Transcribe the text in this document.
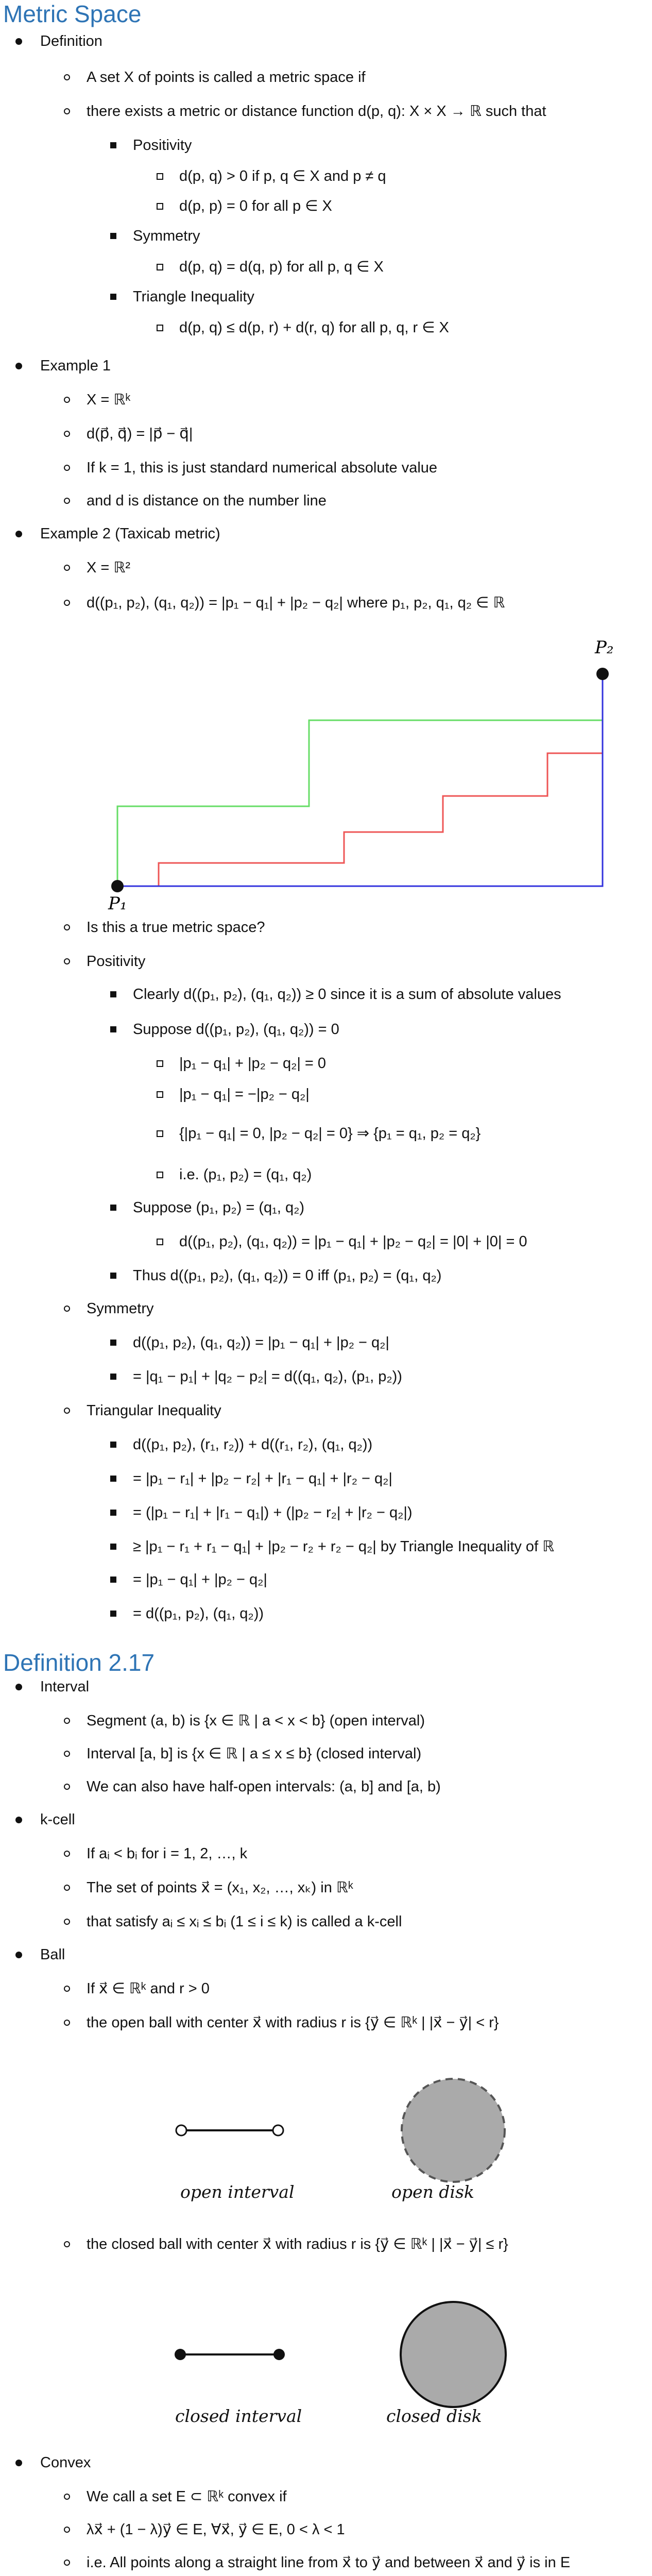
Metric Space
Definition
A set X of points is called a metric space if
there exists a metric or distance function d(p, q): X × X → ℝ such that
Positivity
d(p, q) > 0 if p, q ∈ X and p ≠ q
d(p, p) = 0 for all p ∈ X
Symmetry
d(p, q) = d(q, p) for all p, q ∈ X
Triangle Inequality
d(p, q) ≤ d(p, r) + d(r, q) for all p, q, r ∈ X
Example 1
X = ℝᵏ
d(p⃗, q⃗) = |p⃗ − q⃗|
If k = 1, this is just standard numerical absolute value
and d is distance on the number line
Example 2 (Taxicab metric)
X = ℝ²
d((p₁, p₂), (q₁, q₂)) = |p₁ − q₁| + |p₂ − q₂| where p₁, p₂, q₁, q₂ ∈ ℝ
Is this a true metric space?
Positivity
Clearly d((p₁, p₂), (q₁, q₂)) ≥ 0 since it is a sum of absolute values
Suppose d((p₁, p₂), (q₁, q₂)) = 0
|p₁ − q₁| + |p₂ − q₂| = 0
|p₁ − q₁| = −|p₂ − q₂|
{|p₁ − q₁| = 0, |p₂ − q₂| = 0} ⇒ {p₁ = q₁, p₂ = q₂}
i.e. (p₁, p₂) = (q₁, q₂)
Suppose (p₁, p₂) = (q₁, q₂)
d((p₁, p₂), (q₁, q₂)) = |p₁ − q₁| + |p₂ − q₂| = |0| + |0| = 0
Thus d((p₁, p₂), (q₁, q₂)) = 0 iff (p₁, p₂) = (q₁, q₂)
Symmetry
d((p₁, p₂), (q₁, q₂)) = |p₁ − q₁| + |p₂ − q₂|
= |q₁ − p₁| + |q₂ − p₂| = d((q₁, q₂), (p₁, p₂))
Triangular Inequality
d((p₁, p₂), (r₁, r₂)) + d((r₁, r₂), (q₁, q₂))
= |p₁ − r₁| + |p₂ − r₂| + |r₁ − q₁| + |r₂ − q₂|
= (|p₁ − r₁| + |r₁ − q₁|) + (|p₂ − r₂| + |r₂ − q₂|)
≥ |p₁ − r₁ + r₁ − q₁| + |p₂ − r₂ + r₂ − q₂| by Triangle Inequality of ℝ
= |p₁ − q₁| + |p₂ − q₂|
= d((p₁, p₂), (q₁, q₂))
P₁
P₂
Definition 2.17
Interval
Segment (a, b) is {x ∈ ℝ | a < x < b} (open interval)
Interval [a, b] is {x ∈ ℝ | a ≤ x ≤ b} (closed interval)
We can also have half-open intervals: (a, b] and [a, b)
k-cell
If aᵢ < bᵢ for i = 1, 2, …, k
The set of points x⃗ = (x₁, x₂, …, xₖ) in ℝᵏ
that satisfy aᵢ ≤ xᵢ ≤ bᵢ (1 ≤ i ≤ k) is called a k-cell
Ball
If x⃗ ∈ ℝᵏ and r > 0
the open ball with center x⃗ with radius r is {y⃗ ∈ ℝᵏ | |x⃗ − y⃗| < r}
the closed ball with center x⃗ with radius r is {y⃗ ∈ ℝᵏ | |x⃗ − y⃗| ≤ r}
Convex
We call a set E ⊂ ℝᵏ convex if
λx⃗ + (1 − λ)y⃗ ∈ E, ∀x⃗, y⃗ ∈ E, 0 < λ < 1
i.e. All points along a straight line from x⃗ to y⃗ and between x⃗ and y⃗ is in E
open interval	open disk
closed interval	closed disk
